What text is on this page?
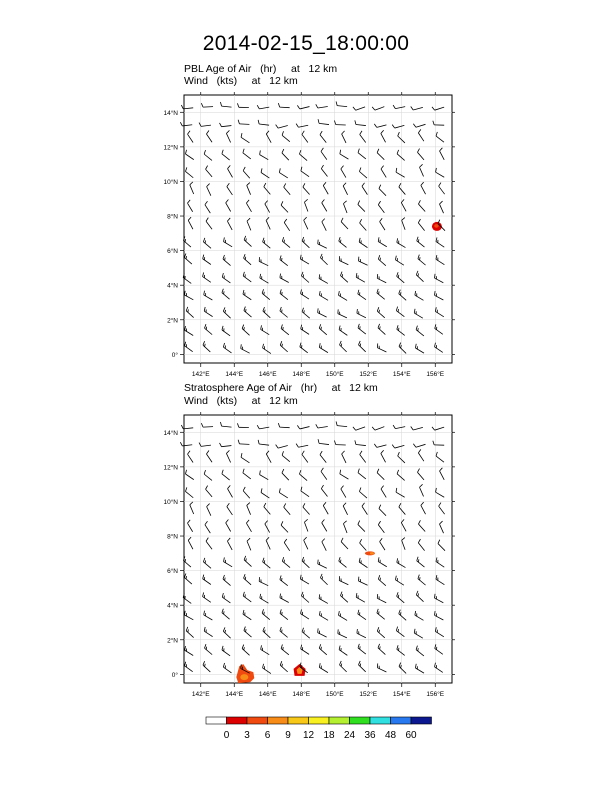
2014-02-15_18:00:00
PBL Age of Air   (hr)     at   12 km
Wind   (kts)     at   12 km
Stratosphere Age of Air   (hr)     at   12 km
Wind   (kts)     at   12 km
142°E 144°E 146°E 148°E 150°E 152°E 154°E 156°E
0°
2°N
4°N
6°N
8°N
10°N
12°N
14°N
142°E 144°E 146°E 148°E 150°E 152°E 154°E 156°E
0°
2°N
4°N
6°N
8°N
10°N
12°N
14°N
0 3 6 9 12 18 24 36 48 60
